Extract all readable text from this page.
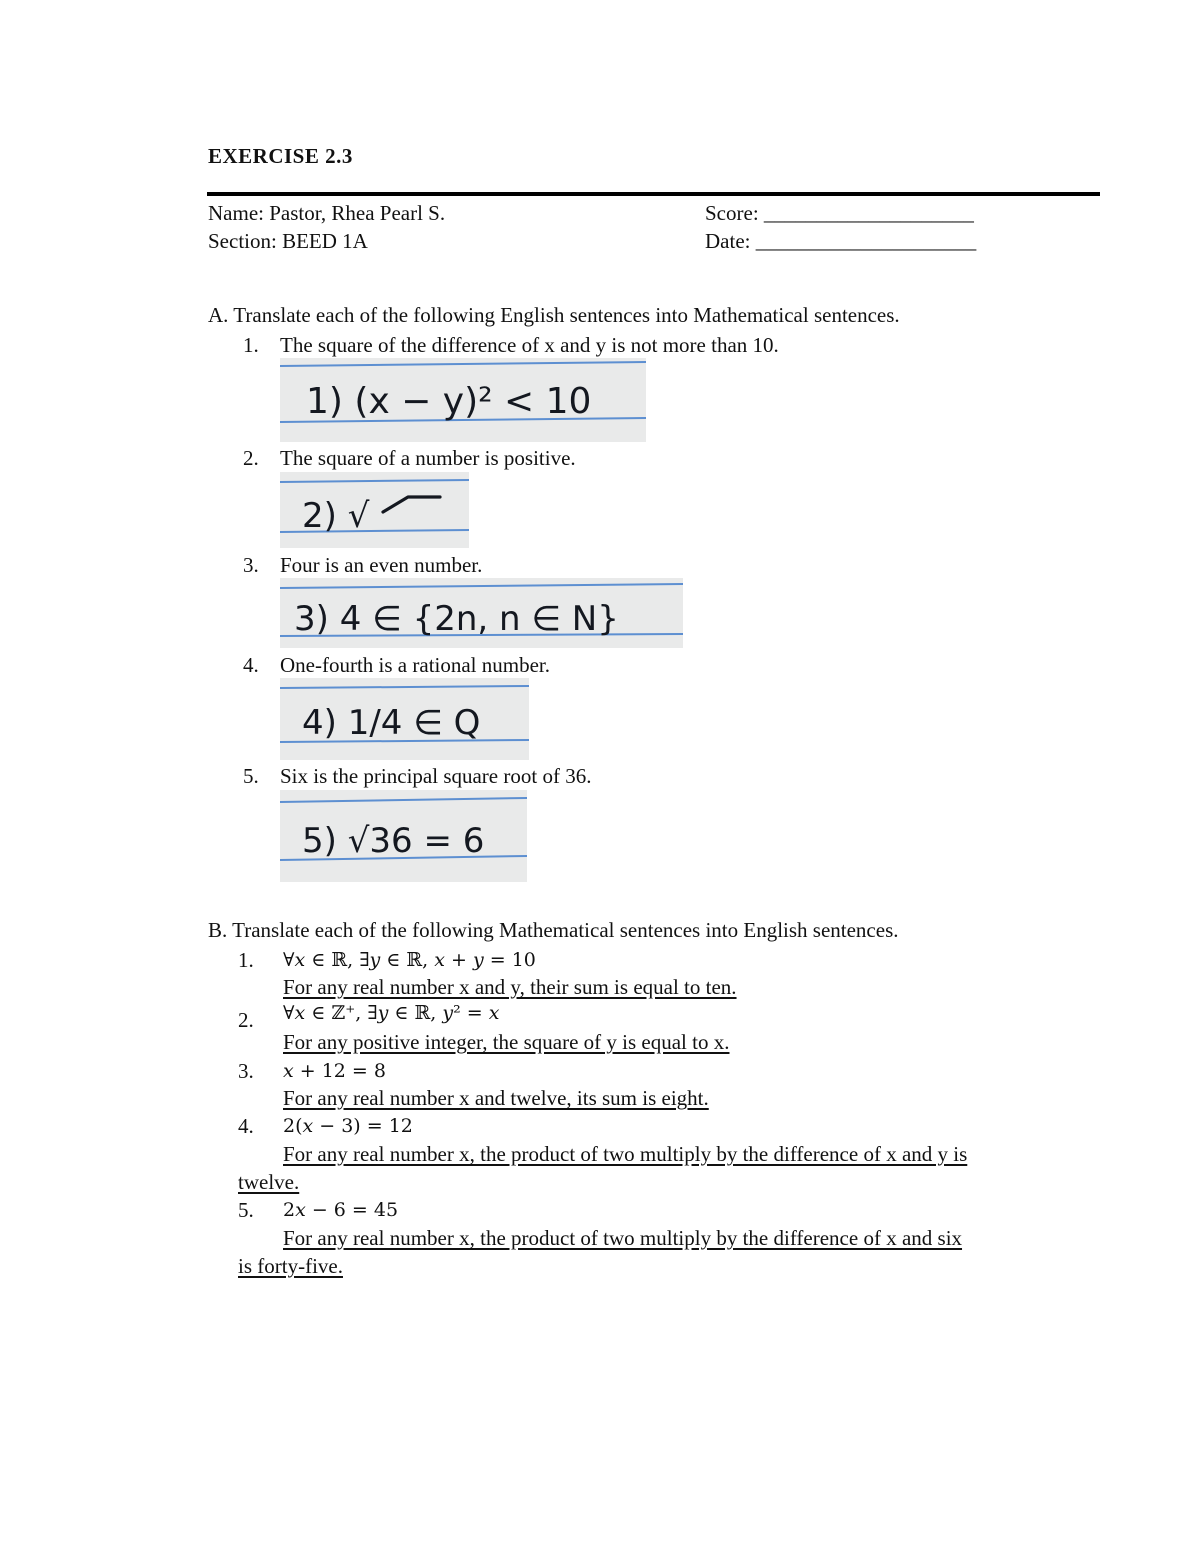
EXERCISE 2.3
Name: Pastor, Rhea Pearl S.
Section: BEED 1A
Score: ____________________
Date: _____________________
A. Translate each of the following English sentences into Mathematical sentences.
1. The square of the difference of x and y is not more than 10.
1) (x − y)² < 10
2. The square of a number is positive.
2) √
3. Four is an even number.
3) 4 ∈ {2n, n ∈ N}
4. One-fourth is a rational number.
4) 1/4 ∈ Q
5. Six is the principal square root of 36.
5) √36 = 6
B. Translate each of the following Mathematical sentences into English sentences.
1. ∀𝑥 ∈ ℝ, ∃𝑦 ∈ ℝ, 𝑥 + 𝑦 = 10
For any real number x and y, their sum is equal to ten.
2. ∀𝑥 ∈ ℤ⁺, ∃𝑦 ∈ ℝ, 𝑦² = 𝑥
For any positive integer, the square of y is equal to x.
3. 𝑥 + 12 = 8
For any real number x and twelve, its sum is eight.
4. 2(𝑥 − 3) = 12
For any real number x, the product of two multiply by the difference of x and y is
twelve.
5. 2𝑥 − 6 = 45
For any real number x, the product of two multiply by the difference of x and six
is forty-five.
